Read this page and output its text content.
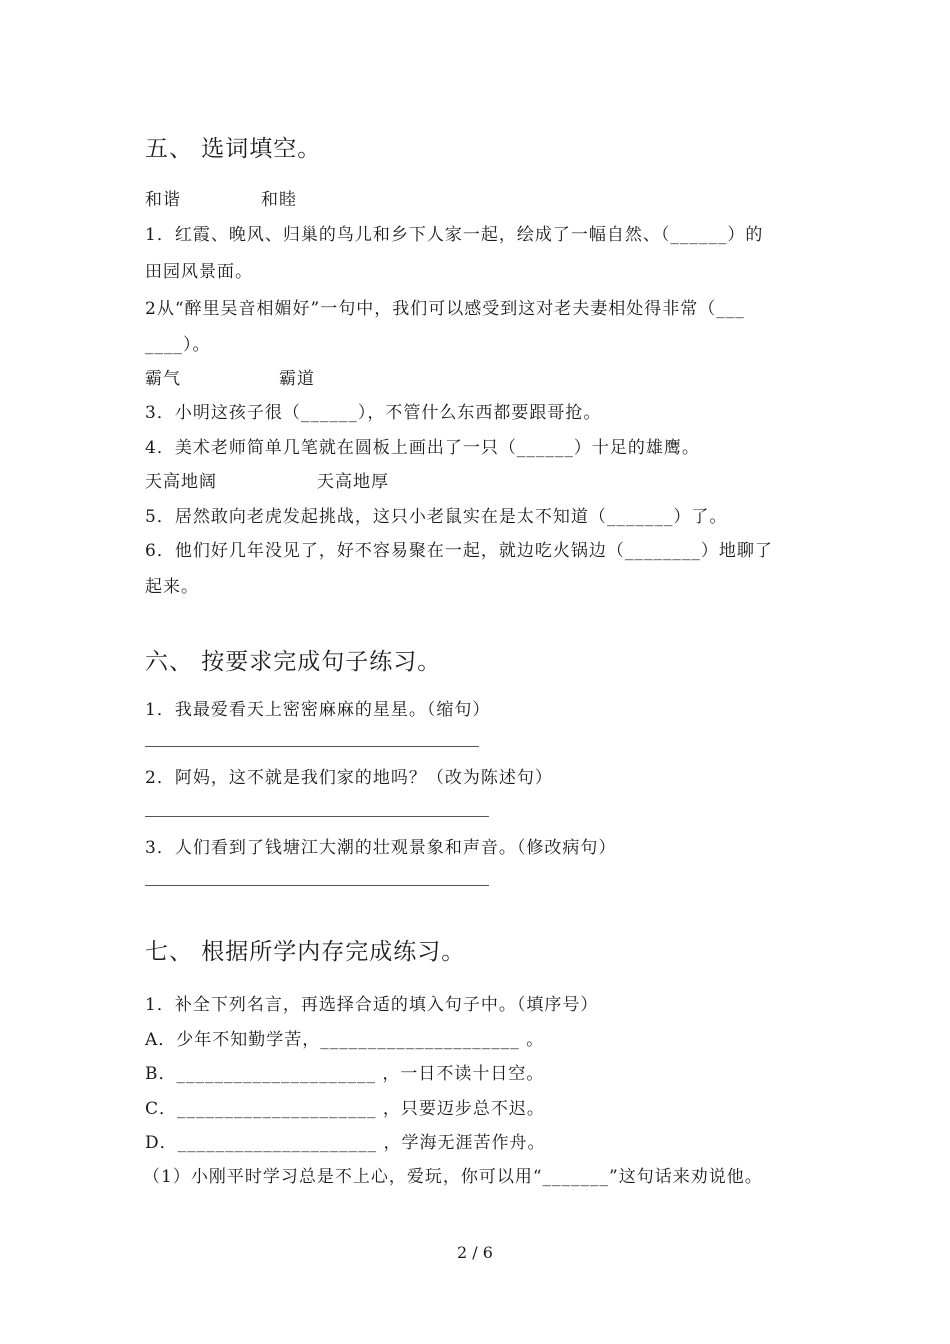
五、 选词填空。
和谐	和睦
1．红霞、晚风、归巢的鸟儿和乡下人家一起，绘成了一幅自然、（______）的
田园风景面。
2从“醉里吴音相媚好”一句中，我们可以感受到这对老夫妻相处得非常（___
____）。
霸气	霸道
3．小明这孩子很（______），不管什么东西都要跟哥抢。
4．美术老师简单几笔就在圆板上画出了一只（______）十足的雄鹰。
天高地阔	天高地厚
5．居然敢向老虎发起挑战，这只小老鼠实在是太不知道（_______）了。
6．他们好几年没见了，好不容易聚在一起，就边吃火锅边（________）地聊了
起来。
六、 按要求完成句子练习。
1．我最爱看天上密密麻麻的星星。（缩句）
2．阿妈，这不就是我们家的地吗？（改为陈述句）
3．人们看到了钱塘江大潮的壮观景象和声音。（修改病句）
七、 根据所学内存完成练习。
1．补全下列名言，再选择合适的填入句子中。（填序号）
A．少年不知勤学苦，_____________________ 。
B．_____________________ ，一日不读十日空。
C．_____________________ ，只要迈步总不迟。
D．_____________________ ，学海无涯苦作舟。
（1）小刚平时学习总是不上心，爱玩，你可以用“_______”这句话来劝说他。
2 / 6
